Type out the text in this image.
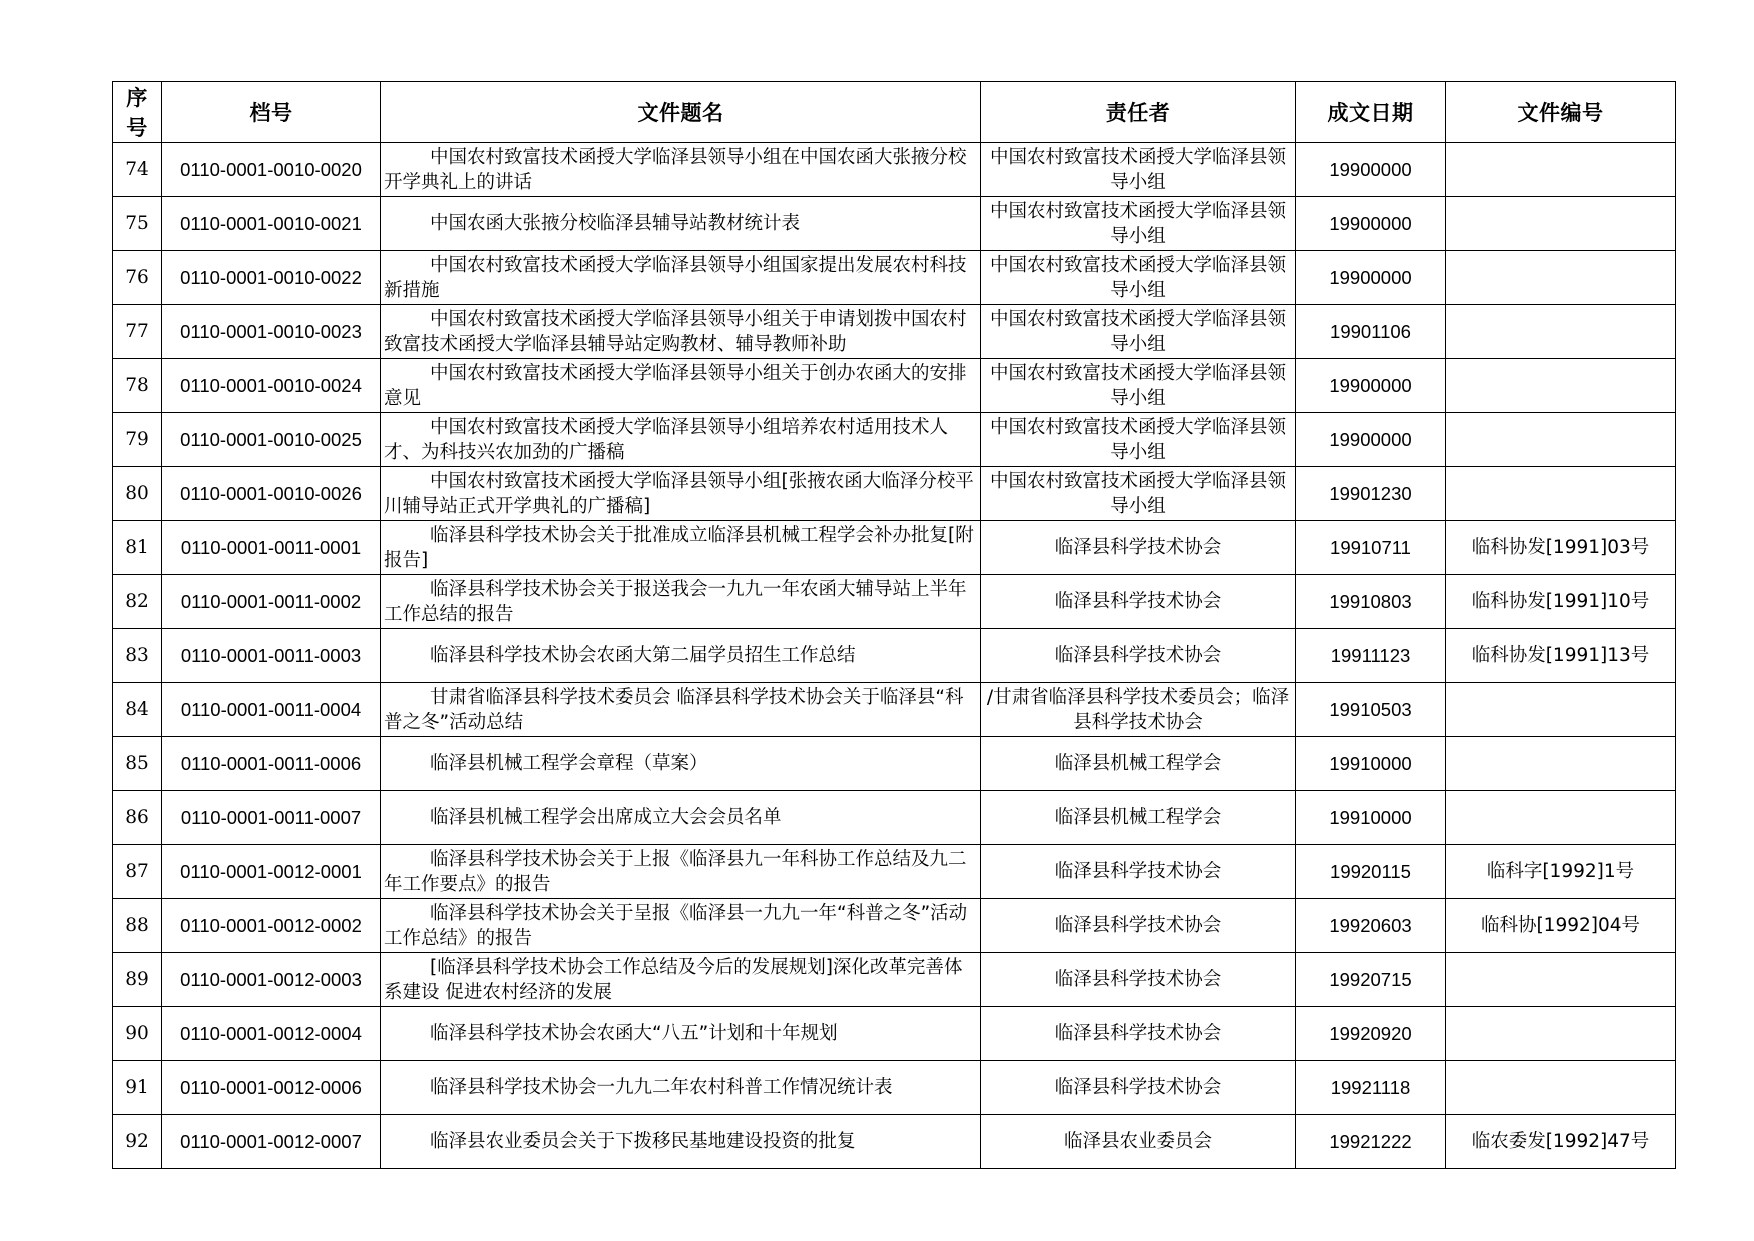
序号	档号	文件题名	责任者	成文日期	文件编号
74	0110-0001-0010-0020	中国农村致富技术函授大学临泽县领导小组在中国农函大张掖分校开学典礼上的讲话	中国农村致富技术函授大学临泽县领导小组	19900000	
75	0110-0001-0010-0021	中国农函大张掖分校临泽县辅导站教材统计表	中国农村致富技术函授大学临泽县领导小组	19900000	
76	0110-0001-0010-0022	中国农村致富技术函授大学临泽县领导小组国家提出发展农村科技新措施	中国农村致富技术函授大学临泽县领导小组	19900000	
77	0110-0001-0010-0023	中国农村致富技术函授大学临泽县领导小组关于申请划拨中国农村致富技术函授大学临泽县辅导站定购教材、辅导教师补助	中国农村致富技术函授大学临泽县领导小组	19901106	
78	0110-0001-0010-0024	中国农村致富技术函授大学临泽县领导小组关于创办农函大的安排意见	中国农村致富技术函授大学临泽县领导小组	19900000	
79	0110-0001-0010-0025	中国农村致富技术函授大学临泽县领导小组培养农村适用技术人才、为科技兴农加劲的广播稿	中国农村致富技术函授大学临泽县领导小组	19900000	
80	0110-0001-0010-0026	中国农村致富技术函授大学临泽县领导小组[张掖农函大临泽分校平川辅导站正式开学典礼的广播稿]	中国农村致富技术函授大学临泽县领导小组	19901230	
81	0110-0001-0011-0001	临泽县科学技术协会关于批准成立临泽县机械工程学会补办批复[附报告]	临泽县科学技术协会	19910711	临科协发[1991]03号
82	0110-0001-0011-0002	临泽县科学技术协会关于报送我会一九九一年农函大辅导站上半年工作总结的报告	临泽县科学技术协会	19910803	临科协发[1991]10号
83	0110-0001-0011-0003	临泽县科学技术协会农函大第二届学员招生工作总结	临泽县科学技术协会	19911123	临科协发[1991]13号
84	0110-0001-0011-0004	甘肃省临泽县科学技术委员会 临泽县科学技术协会关于临泽县“科普之冬”活动总结	/甘肃省临泽县科学技术委员会；临泽县科学技术协会	19910503	
85	0110-0001-0011-0006	临泽县机械工程学会章程（草案）	临泽县机械工程学会	19910000	
86	0110-0001-0011-0007	临泽县机械工程学会出席成立大会会员名单	临泽县机械工程学会	19910000	
87	0110-0001-0012-0001	临泽县科学技术协会关于上报《临泽县九一年科协工作总结及九二年工作要点》的报告	临泽县科学技术协会	19920115	临科字[1992]1号
88	0110-0001-0012-0002	临泽县科学技术协会关于呈报《临泽县一九九一年“科普之冬”活动工作总结》的报告	临泽县科学技术协会	19920603	临科协[1992]04号
89	0110-0001-0012-0003	[临泽县科学技术协会工作总结及今后的发展规划]深化改革完善体系建设 促进农村经济的发展	临泽县科学技术协会	19920715	
90	0110-0001-0012-0004	临泽县科学技术协会农函大“八五”计划和十年规划	临泽县科学技术协会	19920920	
91	0110-0001-0012-0006	临泽县科学技术协会一九九二年农村科普工作情况统计表	临泽县科学技术协会	19921118	
92	0110-0001-0012-0007	临泽县农业委员会关于下拨移民基地建设投资的批复	临泽县农业委员会	19921222	临农委发[1992]47号
